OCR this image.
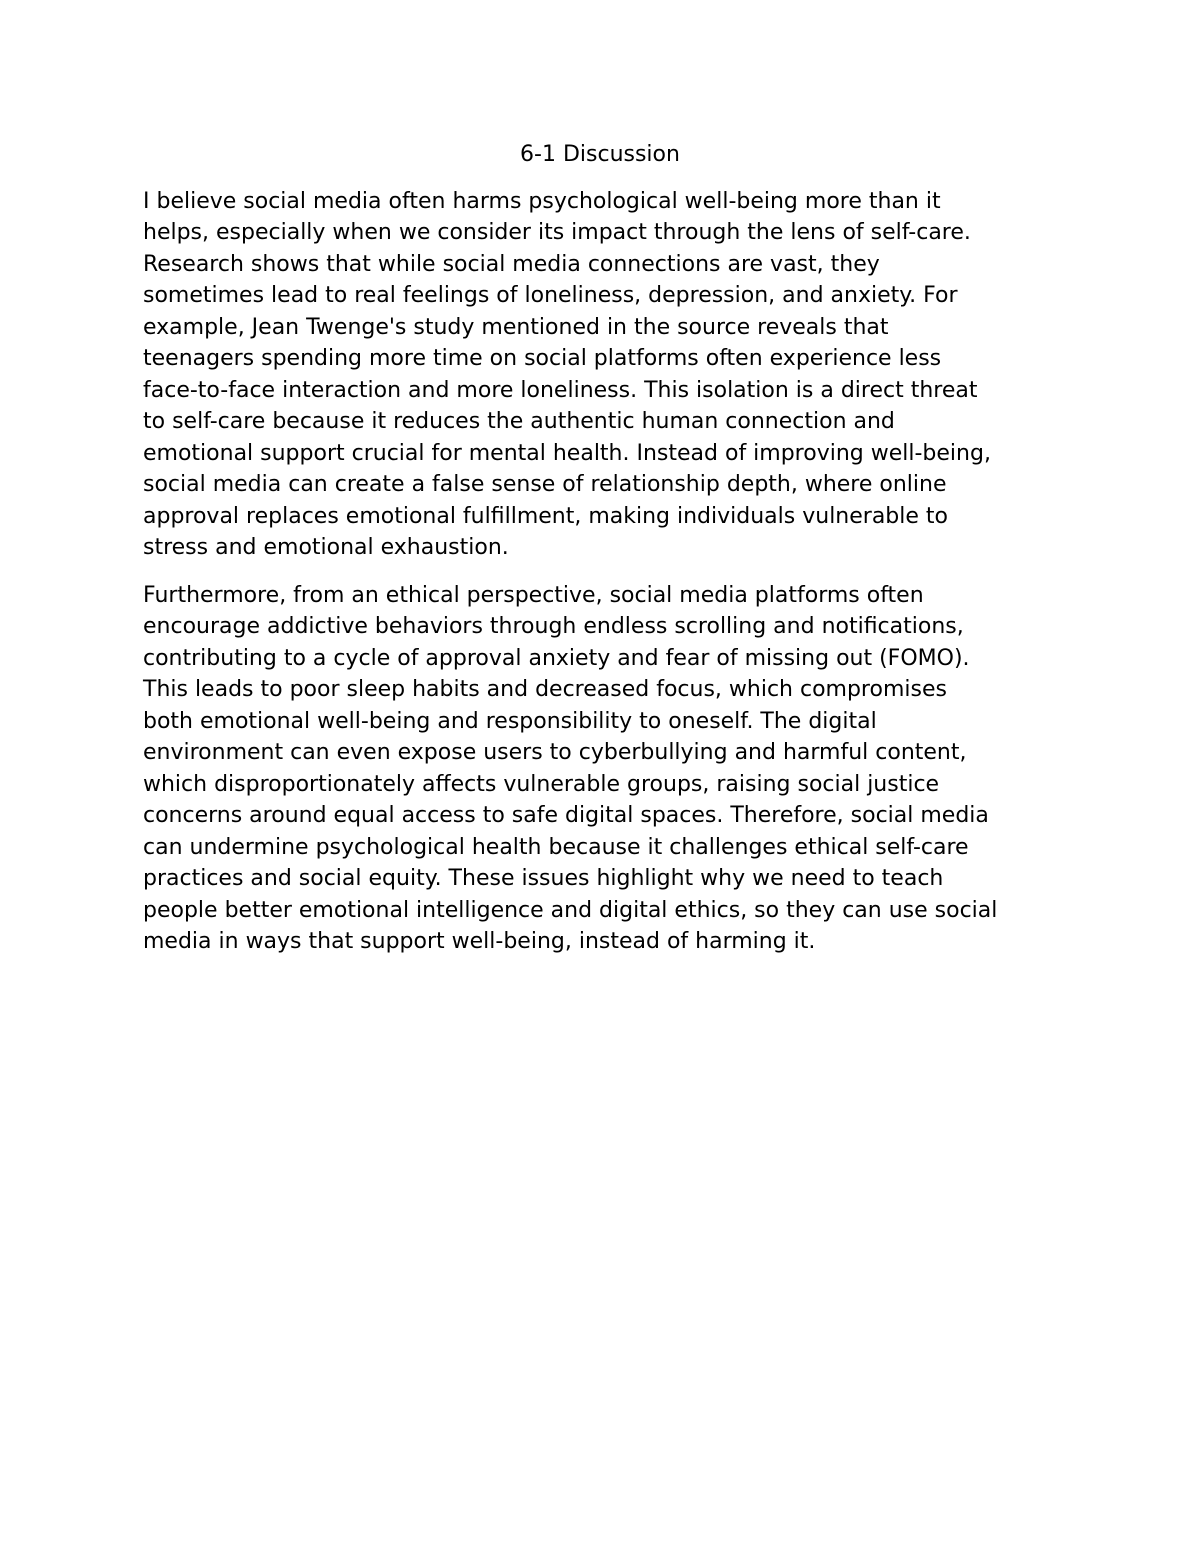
6-1 Discussion
I believe social media often harms psychological well-being more than it
helps, especially when we consider its impact through the lens of self-care.
Research shows that while social media connections are vast, they
sometimes lead to real feelings of loneliness, depression, and anxiety. For
example, Jean Twenge's study mentioned in the source reveals that
teenagers spending more time on social platforms often experience less
face-to-face interaction and more loneliness. This isolation is a direct threat
to self-care because it reduces the authentic human connection and
emotional support crucial for mental health. Instead of improving well-being,
social media can create a false sense of relationship depth, where online
approval replaces emotional fulfillment, making individuals vulnerable to
stress and emotional exhaustion.
Furthermore, from an ethical perspective, social media platforms often
encourage addictive behaviors through endless scrolling and notifications,
contributing to a cycle of approval anxiety and fear of missing out (FOMO).
This leads to poor sleep habits and decreased focus, which compromises
both emotional well-being and responsibility to oneself. The digital
environment can even expose users to cyberbullying and harmful content,
which disproportionately affects vulnerable groups, raising social justice
concerns around equal access to safe digital spaces. Therefore, social media
can undermine psychological health because it challenges ethical self-care
practices and social equity. These issues highlight why we need to teach
people better emotional intelligence and digital ethics, so they can use social
media in ways that support well-being, instead of harming it.
